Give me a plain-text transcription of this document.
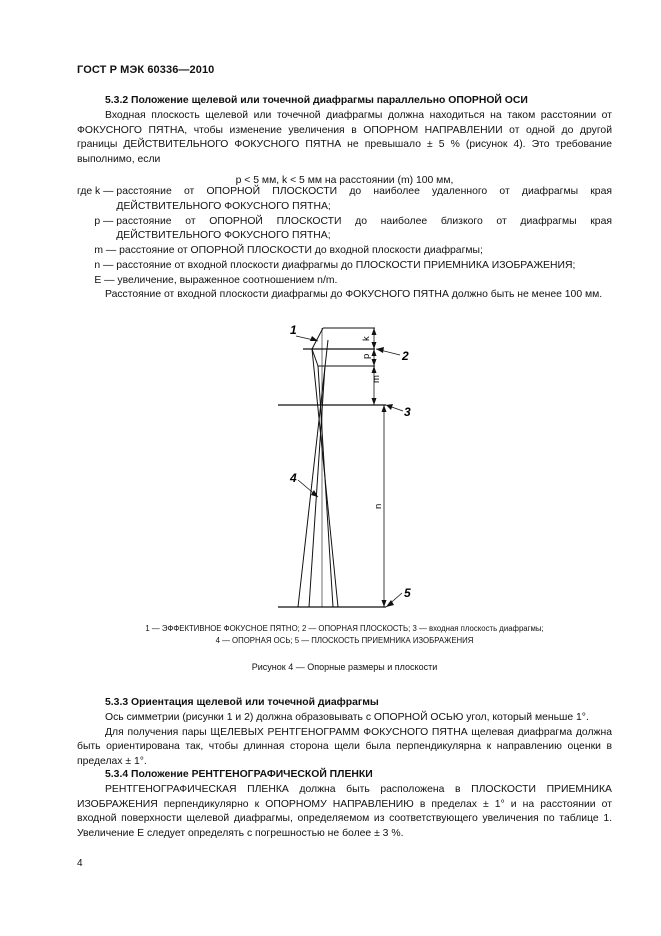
ГОСТ Р МЭК 60336—2010

5.3.2 Положение щелевой или точечной диафрагмы параллельно ОПОРНОЙ ОСИ

Входная плоскость щелевой или точечной диафрагмы должна находиться на таком расстоянии от ФОКУСНОГО ПЯТНА, чтобы изменение увеличения в ОПОРНОМ НАПРАВЛЕНИИ от одной до другой границы ДЕЙСТВИТЕЛЬНОГО ФОКУСНОГО ПЯТНА не превышало ± 5 % (рисунок 4). Это требование выполнимо, если

p < 5 мм, k < 5 мм на расстоянии (m) 100 мм,

где k — расстояние от ОПОРНОЙ ПЛОСКОСТИ до наиболее удаленного от диафрагмы края ДЕЙСТВИТЕЛЬНОГО ФОКУСНОГО ПЯТНА;
p — расстояние от ОПОРНОЙ ПЛОСКОСТИ до наиболее близкого от диафрагмы края ДЕЙСТВИТЕЛЬНОГО ФОКУСНОГО ПЯТНА;
m — расстояние от ОПОРНОЙ ПЛОСКОСТИ до входной плоскости диафрагмы;
n — расстояние от входной плоскости диафрагмы до ПЛОСКОСТИ ПРИЕМНИКА ИЗОБРАЖЕНИЯ;
E — увеличение, выраженное соотношением n/m.

Расстояние от входной плоскости диафрагмы до ФОКУСНОГО ПЯТНА должно быть не менее 100 мм.

1
2
3
4
5
k
p
m
n
1 — ЭФФЕКТИВНОЕ ФОКУСНОЕ ПЯТНО; 2 — ОПОРНАЯ ПЛОСКОСТЬ; 3 — входная плоскость диафрагмы;
4 — ОПОРНАЯ ОСЬ; 5 — ПЛОСКОСТЬ ПРИЕМНИКА ИЗОБРАЖЕНИЯ
Рисунок 4 — Опорные размеры и плоскости

5.3.3 Ориентация щелевой или точечной диафрагмы

Ось симметрии (рисунки 1 и 2) должна образовывать с ОПОРНОЙ ОСЬЮ угол, который меньше 1°.

Для получения пары ЩЕЛЕВЫХ РЕНТГЕНОГРАММ ФОКУСНОГО ПЯТНА щелевая диафрагма должна быть ориентирована так, чтобы длинная сторона щели была перпендикулярна к направлению оценки в пределах ± 1°.

5.3.4 Положение РЕНТГЕНОГРАФИЧЕСКОЙ ПЛЕНКИ

РЕНТГЕНОГРАФИЧЕСКАЯ ПЛЕНКА должна быть расположена в ПЛОСКОСТИ ПРИЕМНИКА ИЗОБРАЖЕНИЯ перпендикулярно к ОПОРНОМУ НАПРАВЛЕНИЮ в пределах ± 1° и на расстоянии от входной поверхности щелевой диафрагмы, определяемом из соответствующего увеличения по таблице 1. Увеличение E следует определять с погрешностью не более ± 3 %.

4
